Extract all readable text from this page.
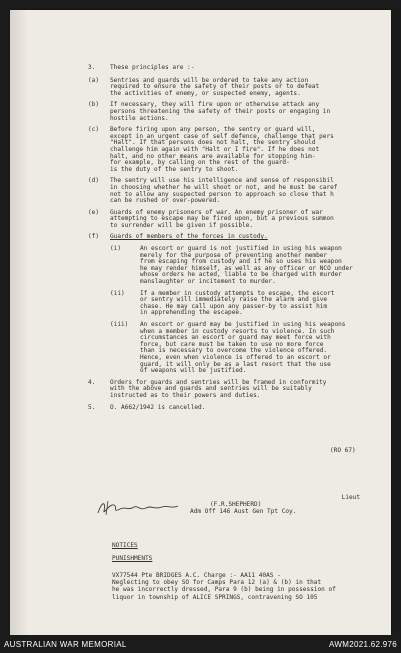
3.	These principles are :-
(a)	Sentries and guards will be ordered to take any action
required to ensure the safety of their posts or to defeat
the activities of enemy, or suspected enemy, agents.
(b)	If necessary, they will fire upon or otherwise attack any
persons threatening the safety of their posts or engaging in
hostile actions.
(c)	Before firing upon any person, the sentry or guard will,
except in an urgent case of self defence, challenge that pers
"Halt". If that persons does not halt, the sentry should
challenge him again with "Halt or I fire". If he does not
halt, and no other means are available for stopping him-
for example, by calling on the rest of the guard-
is the duty of the sentry to shoot.
(d)	The sentry will use his intelligence and sense of responsibil
in choosing whether he will shoot or not, and he must be caref
not to allow any suspected person to approach so close that h
can be rushed or over-powered.
(e)	Guards of enemy prisoners of war. An enemy prisoner of war
attempting to escape may be fired upon, but a previous summon
to surrender will be given if possible.
(f)	Guards of members of the forces in custody.
(i)	An escort or guard is not justified in using his weapon
merely for the purpose of preventing another member
from escaping from custody and if he so uses his weapon
he may render himself, as well as any officer or NCO under
whose orders he acted, liable to be charged with murder
manslaughter or incitement to murder.
(ii)	If a member in custody attempts to escape, the escort
or sentry will immediately raise the alarm and give
chase. He may call upon any passer-by to assist him
in apprehending the escapee.
(iii)	An escort or guard may be justified in using his weapons
when a member in custody resorts to violence. In such
circumstances an escort or guard may meet force with
force, but care must be taken to use no more force
than is necessary to overcome the violence offered.
Hence, even when violence is offered to an escort or
guard, it will only be as a last resort that the use
of weapons will be justified.
4.	Orders for guards and sentries will be framed in conformity
with the above and guards and sentries will be suitably
instructed as to their powers and duties.
5.	O. A662/1942 is cancelled.
(RO 67)
Lieut
(F.R.SHEPHERD)
Adm Off 146 Aust Gen Tpt Coy.
NOTICES
PUNISHMENTS
VX77544 Pte BRIDGES A.C. Charge :- AA11 40AS -
Neglecting to obey SO for Camps Para 12 (a) & (b) in that
he was incorrectly dressed, Para 9 (b) being in possession of
liquor in township of ALICE SPRINGS, contravening SO 105
AUSTRALIAN WAR MEMORIAL	AWM2021.62.976
